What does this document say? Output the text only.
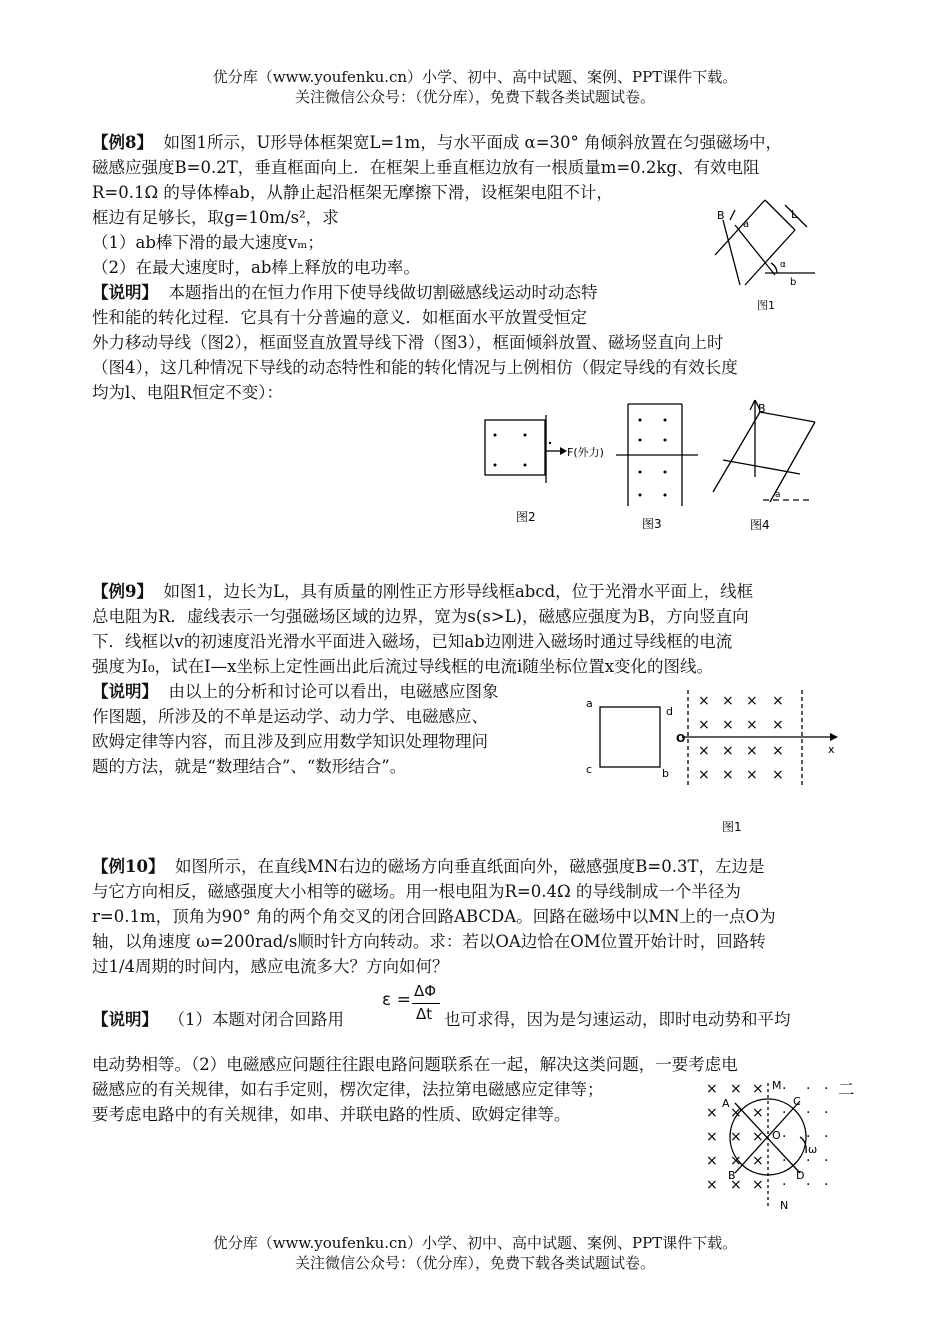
优分库（www.youfenku.cn）小学、初中、高中试题、案例、PPT课件下载。
关注微信公众号：（优分库），免费下载各类试题试卷。
【例8】 如图1所示，U形导体框架宽L=1m，与水平面成 α=30° 角倾斜放置在匀强磁场中，
磁感应强度B=0.2T，垂直框面向上．在框架上垂直框边放有一根质量m=0.2kg、有效电阻
R=0.1Ω 的导体棒ab，从静止起沿框架无摩擦下滑，设框架电阻不计，
框边有足够长，取g=10m/s²，求
（1）ab棒下滑的最大速度vₘ；
（2）在最大速度时，ab棒上释放的电功率。
【说明】 本题指出的在恒力作用下使导线做切割磁感线运动时动态特
性和能的转化过程．它具有十分普遍的意义．如框面水平放置受恒定
外力移动导线（图2），框面竖直放置导线下滑（图3），框面倾斜放置、磁场竖直向上时
（图4），这几种情况下导线的动态特性和能的转化情况与上例相仿（假定导线的有效长度
均为l、电阻R恒定不变）：
B
a
L
α
b
图1
F(外力)
图2	图3
B
a
图4
【例9】 如图1，边长为L，具有质量的刚性正方形导线框abcd，位于光滑水平面上，线框
总电阻为R．虚线表示一匀强磁场区域的边界，宽为s(s>L)，磁感应强度为B，方向竖直向
下．线框以v的初速度沿光滑水平面进入磁场，已知ab边刚进入磁场时通过导线框的电流
强度为I₀，试在I—x坐标上定性画出此后流过导线框的电流i随坐标位置x变化的图线。
【说明】 由以上的分析和讨论可以看出，电磁感应图象
作图题，所涉及的不单是运动学、动力学、电磁感应、
欧姆定律等内容，而且涉及到应用数学知识处理物理问
题的方法，就是“数理结合”、“数形结合”。
× × × ×
× × × ×
× × × ×
× × × ×
a
d
c	b
O
x
图1
【例10】 如图所示，在直线MN右边的磁场方向垂直纸面向外，磁感强度B=0.3T，左边是
与它方向相反，磁感强度大小相等的磁场。用一根电阻为R=0.4Ω 的导线制成一个半径为
r=0.1m，顶角为90° 角的两个角交叉的闭合回路ABCDA。回路在磁场中以MN上的一点O为
轴，以角速度 ω=200rad/s顺时针方向转动。求：若以OA边恰在OM位置开始计时，回路转
过1/4周期的时间内，感应电流多大？方向如何？
【说明】 （1）本题对闭合回路用
ε = ΔΦ
Δt 也可求得，因为是匀速运动，即时电动势和平均
电动势相等。（2）电磁感应问题往往跟电路问题联系在一起，解决这类问题，一要考虑电
磁感应的有关规律，如右手定则，楞次定律，法拉第电磁感应定律等；	二
要考虑电路中的有关规律，如串、并联电路的性质、欧姆定律等。
× × × · · ·
× × × · · ·
× × × · · ·
× × × · · ·
× × × · · ·
M
A	C
O
ω
B	D
N
优分库（www.youfenku.cn）小学、初中、高中试题、案例、PPT课件下载。
关注微信公众号：（优分库），免费下载各类试题试卷。
